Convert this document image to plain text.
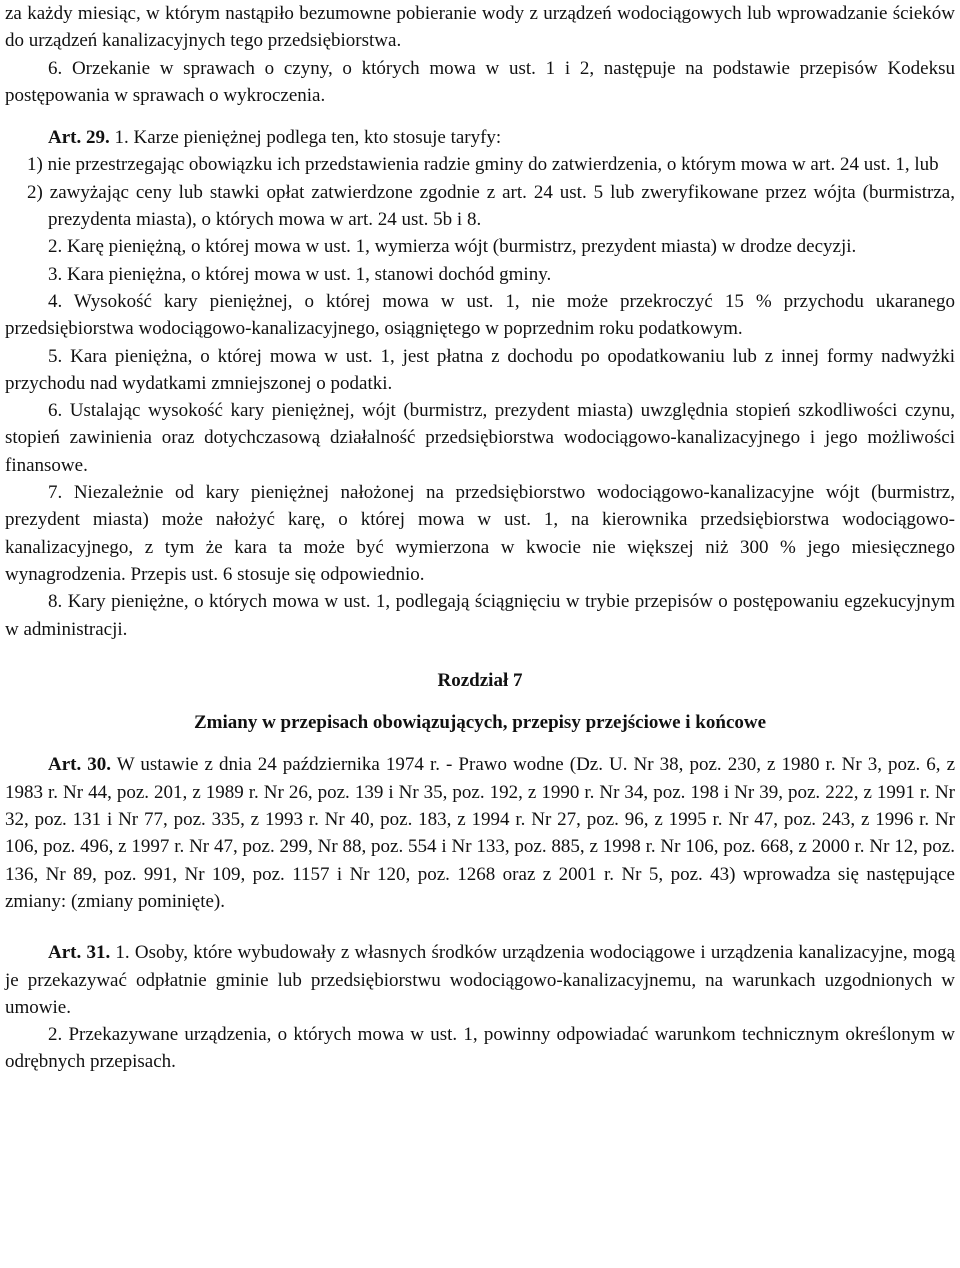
za każdy miesiąc, w którym nastąpiło bezumowne pobieranie wody z urządzeń wodociągowych lub wprowadzanie ścieków do urządzeń kanalizacyjnych tego przedsiębiorstwa.

6. Orzekanie w sprawach o czyny, o których mowa w ust. 1 i 2, następuje na podstawie przepisów Kodeksu postępowania w sprawach o wykroczenia.

Art. 29. 1. Karze pieniężnej podlega ten, kto stosuje taryfy:

1) nie przestrzegając obowiązku ich przedstawienia radzie gminy do zatwierdzenia, o którym mowa w art. 24 ust. 1, lub

2) zawyżając ceny lub stawki opłat zatwierdzone zgodnie z art. 24 ust. 5 lub zweryfikowane przez wójta (burmistrza, prezydenta miasta), o których mowa w art. 24 ust. 5b i 8.

2. Karę pieniężną, o której mowa w ust. 1, wymierza wójt (burmistrz, prezydent miasta) w drodze decyzji.

3. Kara pieniężna, o której mowa w ust. 1, stanowi dochód gminy.

4. Wysokość kary pieniężnej, o której mowa w ust. 1, nie może przekroczyć 15 % przychodu ukaranego przedsiębiorstwa wodociągowo-kanalizacyjnego, osiągniętego w poprzednim roku podatkowym.

5. Kara pieniężna, o której mowa w ust. 1, jest płatna z dochodu po opodatkowaniu lub z innej formy nadwyżki przychodu nad wydatkami zmniejszonej o podatki.

6. Ustalając wysokość kary pieniężnej, wójt (burmistrz, prezydent miasta) uwzględnia stopień szkodliwości czynu, stopień zawinienia oraz dotychczasową działalność przedsiębiorstwa wodociągowo-kanalizacyjnego i jego możliwości finansowe.

7. Niezależnie od kary pieniężnej nałożonej na przedsiębiorstwo wodociągowo-kanalizacyjne wójt (burmistrz, prezydent miasta) może nałożyć karę, o której mowa w ust. 1, na kierownika przedsiębiorstwa wodociągowo-kanalizacyjnego, z tym że kara ta może być wymierzona w kwocie nie większej niż 300 % jego miesięcznego wynagrodzenia. Przepis ust. 6 stosuje się odpowiednio.

8. Kary pieniężne, o których mowa w ust. 1, podlegają ściągnięciu w trybie przepisów o postępowaniu egzekucyjnym w administracji.

Rozdział 7

Zmiany w przepisach obowiązujących, przepisy przejściowe i końcowe

Art. 30. W ustawie z dnia 24 października 1974 r. - Prawo wodne (Dz. U. Nr 38, poz. 230, z 1980 r. Nr 3, poz. 6, z 1983 r. Nr 44, poz. 201, z 1989 r. Nr 26, poz. 139 i Nr 35, poz. 192, z 1990 r. Nr 34, poz. 198 i Nr 39, poz. 222, z 1991 r. Nr 32, poz. 131 i Nr 77, poz. 335, z 1993 r. Nr 40, poz. 183, z 1994 r. Nr 27, poz. 96, z 1995 r. Nr 47, poz. 243, z 1996 r. Nr 106, poz. 496, z 1997 r. Nr 47, poz. 299, Nr 88, poz. 554 i Nr 133, poz. 885, z 1998 r. Nr 106, poz. 668, z 2000 r. Nr 12, poz. 136, Nr 89, poz. 991, Nr 109, poz. 1157 i Nr 120, poz. 1268 oraz z 2001 r. Nr 5, poz. 43) wprowadza się następujące zmiany: (zmiany pominięte).

Art. 31. 1. Osoby, które wybudowały z własnych środków urządzenia wodociągowe i urządzenia kanalizacyjne, mogą je przekazywać odpłatnie gminie lub przedsiębiorstwu wodociągowo-kanalizacyjnemu, na warunkach uzgodnionych w umowie.

2. Przekazywane urządzenia, o których mowa w ust. 1, powinny odpowiadać warunkom technicznym określonym w odrębnych przepisach.
